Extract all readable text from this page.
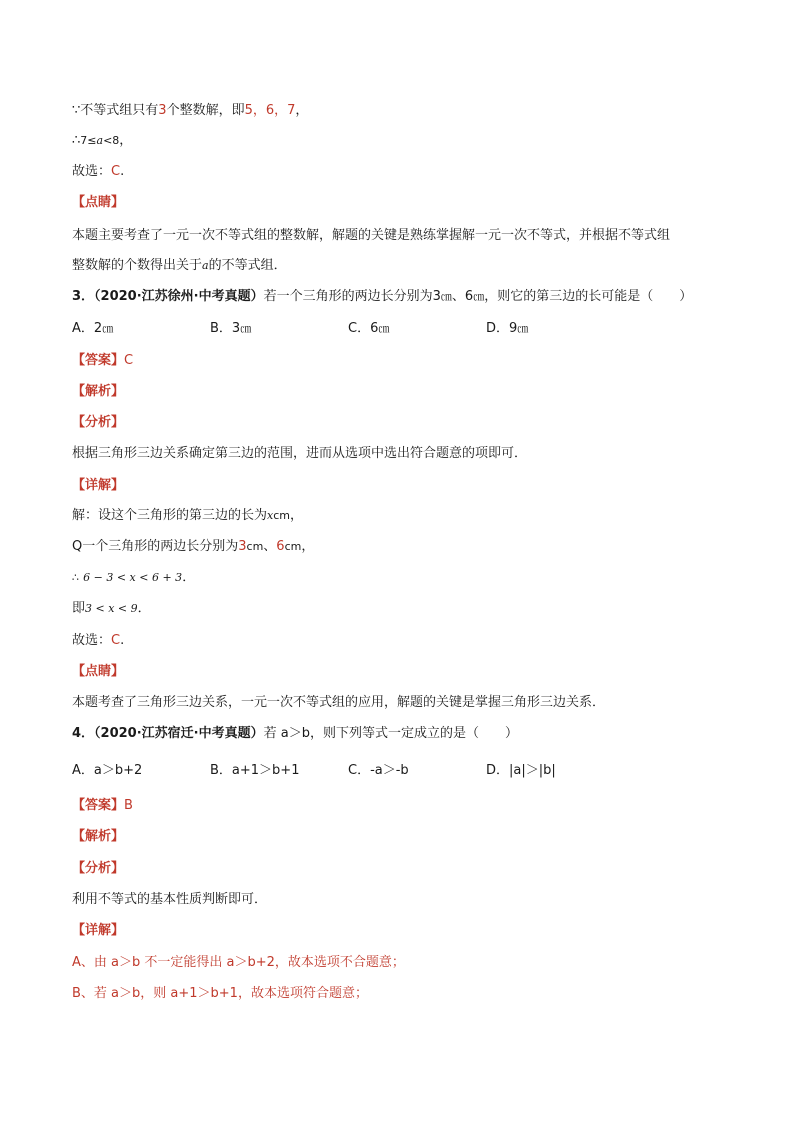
∵不等式组只有3个整数解，即5，6，7，
∴7≤a<8，
故选：C.
【点睛】
本题主要考查了一元一次不等式组的整数解，解题的关键是熟练掌握解一元一次不等式，并根据不等式组
整数解的个数得出关于a的不等式组．
3．（2020·江苏徐州·中考真题）若一个三角形的两边长分别为3㎝、6㎝，则它的第三边的长可能是（　　）
A．2㎝	B．3㎝	C．6㎝	D．9㎝
【答案】C
【解析】
【分析】
根据三角形三边关系确定第三边的范围，进而从选项中选出符合题意的项即可．
【详解】
解：设这个三角形的第三边的长为xcm，
Q一个三角形的两边长分别为3cm、6cm，
∴ 6 − 3 < x < 6 + 3．
即3 < x < 9．
故选：C.
【点睛】
本题考查了三角形三边关系，一元一次不等式组的应用，解题的关键是掌握三角形三边关系．
4．（2020·江苏宿迁·中考真题）若 a＞b，则下列等式一定成立的是（　　）
A．a＞b+2	B．a+1＞b+1	C．-a＞-b	D．|a|＞|b|
【答案】B
【解析】
【分析】
利用不等式的基本性质判断即可．
【详解】
A、由 a＞b 不一定能得出 a＞b+2，故本选项不合题意；
B、若 a＞b，则 a+1＞b+1，故本选项符合题意；
